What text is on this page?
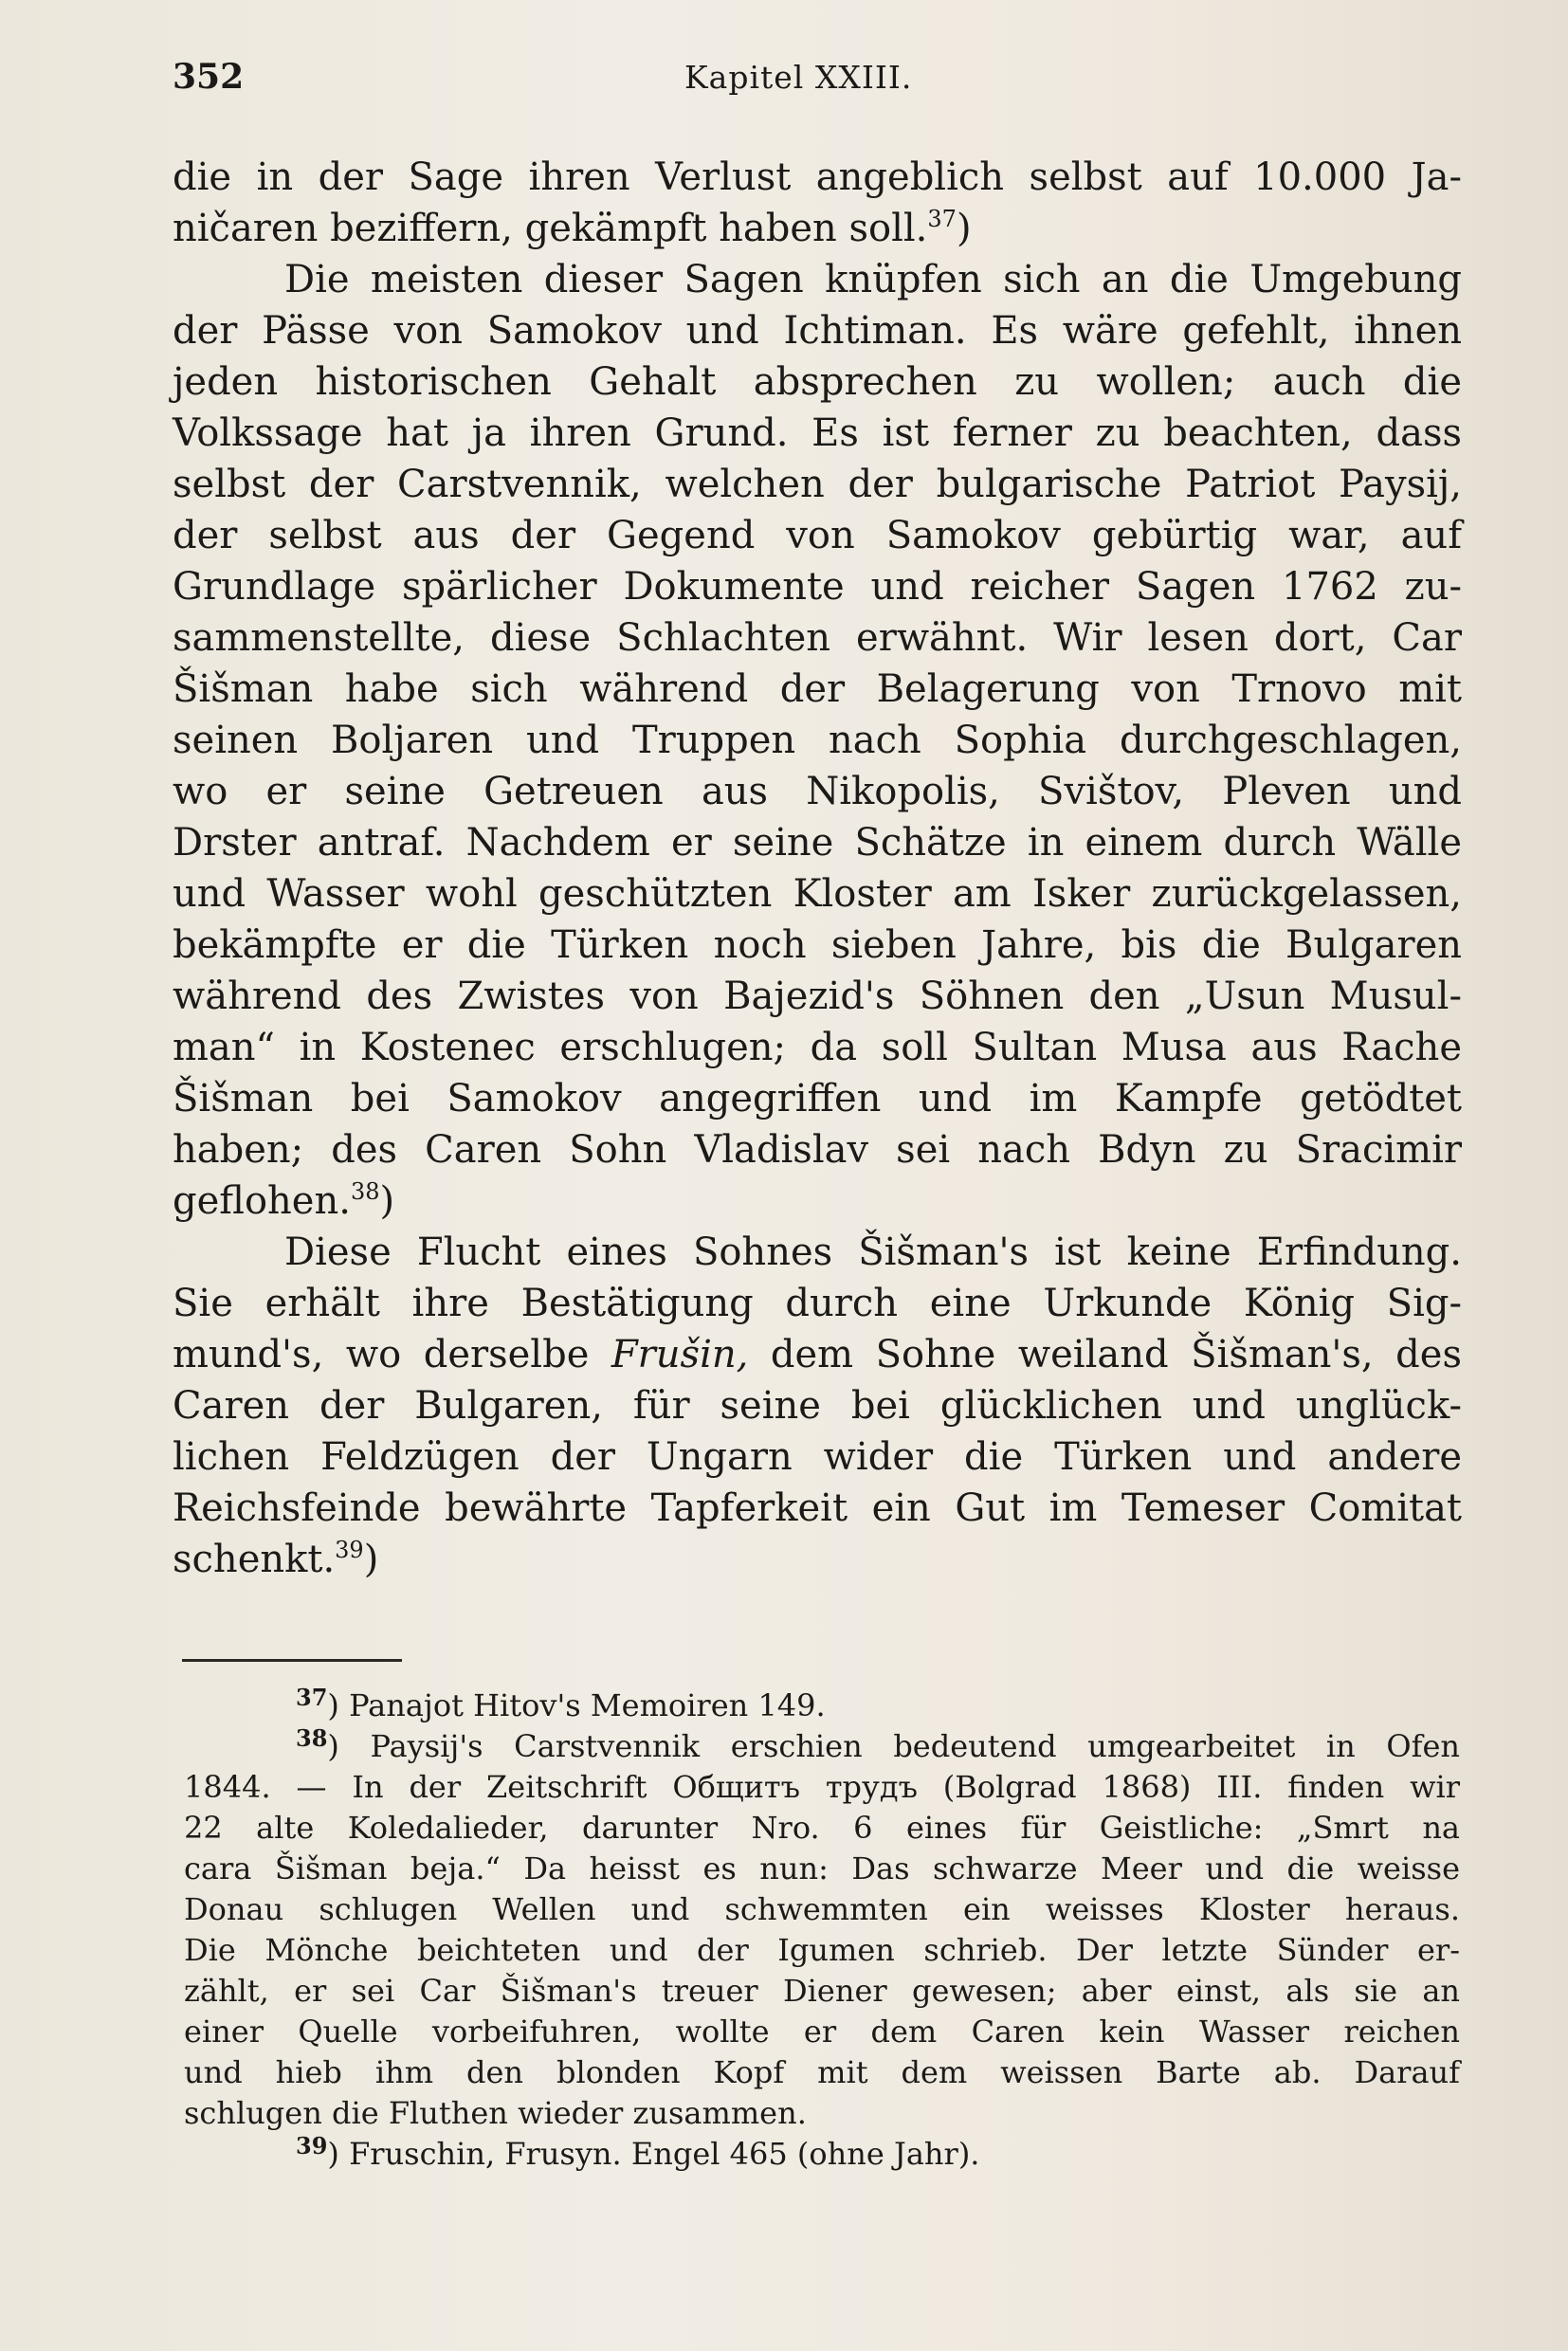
352	Kapitel XXIII.
die in der Sage ihren Verlust angeblich selbst auf 10.000 Ja-
ničaren beziffern, gekämpft haben soll.$^{37}$)
Die meisten dieser Sagen knüpfen sich an die Umgebung
der Pässe von Samokov und Ichtiman. Es wäre gefehlt, ihnen
jeden historischen Gehalt absprechen zu wollen; auch die
Volkssage hat ja ihren Grund. Es ist ferner zu beachten, dass
selbst der Carstvennik, welchen der bulgarische Patriot Paysij,
der selbst aus der Gegend von Samokov gebürtig war, auf
Grundlage spärlicher Dokumente und reicher Sagen 1762 zu-
sammenstellte, diese Schlachten erwähnt. Wir lesen dort, Car
Šišman habe sich während der Belagerung von Trnovo mit
seinen Boljaren und Truppen nach Sophia durchgeschlagen,
wo er seine Getreuen aus Nikopolis, Svištov, Pleven und
Drster antraf. Nachdem er seine Schätze in einem durch Wälle
und Wasser wohl geschützten Kloster am Isker zurückgelassen,
bekämpfte er die Türken noch sieben Jahre, bis die Bulgaren
während des Zwistes von Bajezid's Söhnen den „Usun Musul-
man“ in Kostenec erschlugen; da soll Sultan Musa aus Rache
Šišman bei Samokov angegriffen und im Kampfe getödtet
haben; des Caren Sohn Vladislav sei nach Bdyn zu Sracimir
geflohen.$^{38}$)
Diese Flucht eines Sohnes Šišman's ist keine Erfindung.
Sie erhält ihre Bestätigung durch eine Urkunde König Sig-
mund's, wo derselbe Frušin, dem Sohne weiland Šišman's, des
Caren der Bulgaren, für seine bei glücklichen und unglück-
lichen Feldzügen der Ungarn wider die Türken und andere
Reichsfeinde bewährte Tapferkeit ein Gut im Temeser Comitat
schenkt.$^{39}$)
$^{37}$) Panajot Hitov's Memoiren 149.
$^{38}$) Paysij's Carstvennik erschien bedeutend umgearbeitet in Ofen
1844. — In der Zeitschrift Общитъ трудъ (Bolgrad 1868) III. finden wir
22 alte Koledalieder, darunter Nro. 6 eines für Geistliche: „Smrt na
cara Šišman beja.“ Da heisst es nun: Das schwarze Meer und die weisse
Donau schlugen Wellen und schwemmten ein weisses Kloster heraus.
Die Mönche beichteten und der Igumen schrieb. Der letzte Sünder er-
zählt, er sei Car Šišman's treuer Diener gewesen; aber einst, als sie an
einer Quelle vorbeifuhren, wollte er dem Caren kein Wasser reichen
und hieb ihm den blonden Kopf mit dem weissen Barte ab. Darauf
schlugen die Fluthen wieder zusammen.
$^{39}$) Fruschin, Frusyn. Engel 465 (ohne Jahr).
